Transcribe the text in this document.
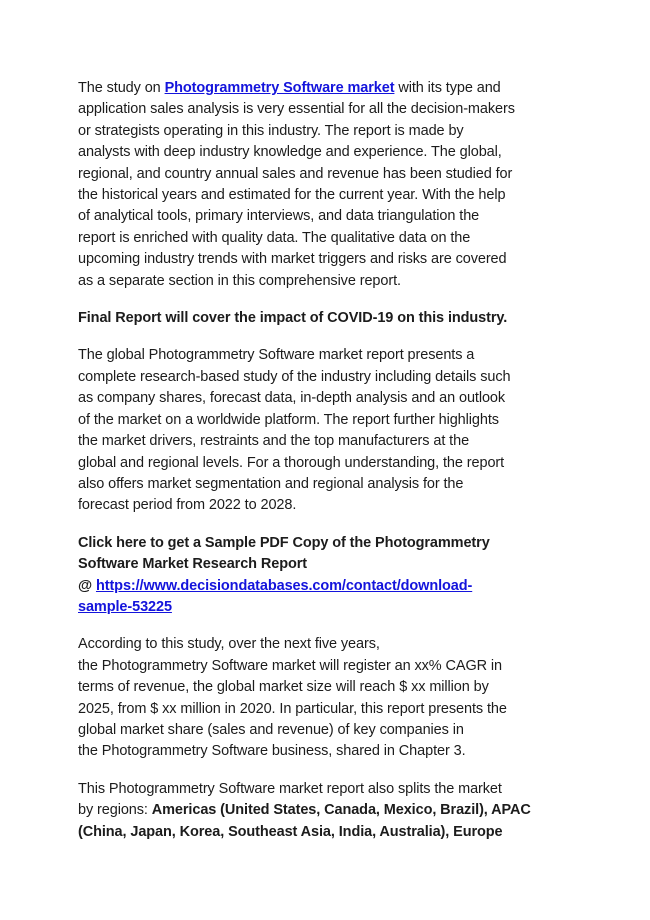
The study on Photogrammetry Software market with its type and
application sales analysis is very essential for all the decision-makers
or strategists operating in this industry. The report is made by
analysts with deep industry knowledge and experience. The global,
regional, and country annual sales and revenue has been studied for
the historical years and estimated for the current year. With the help
of analytical tools, primary interviews, and data triangulation the
report is enriched with quality data. The qualitative data on the
upcoming industry trends with market triggers and risks are covered
as a separate section in this comprehensive report.
Final Report will cover the impact of COVID-19 on this industry.
The global Photogrammetry Software market report presents a
complete research-based study of the industry including details such
as company shares, forecast data, in-depth analysis and an outlook
of the market on a worldwide platform. The report further highlights
the market drivers, restraints and the top manufacturers at the
global and regional levels. For a thorough understanding, the report
also offers market segmentation and regional analysis for the
forecast period from 2022 to 2028.
Click here to get a Sample PDF Copy of the Photogrammetry
Software Market Research Report
@ https://www.decisiondatabases.com/contact/download-
sample-53225
According to this study, over the next five years,
the Photogrammetry Software market will register an xx% CAGR in
terms of revenue, the global market size will reach $ xx million by
2025, from $ xx million in 2020. In particular, this report presents the
global market share (sales and revenue) of key companies in
the Photogrammetry Software business, shared in Chapter 3.
This Photogrammetry Software market report also splits the market
by regions: Americas (United States, Canada, Mexico, Brazil), APAC
(China, Japan, Korea, Southeast Asia, India, Australia), Europe
